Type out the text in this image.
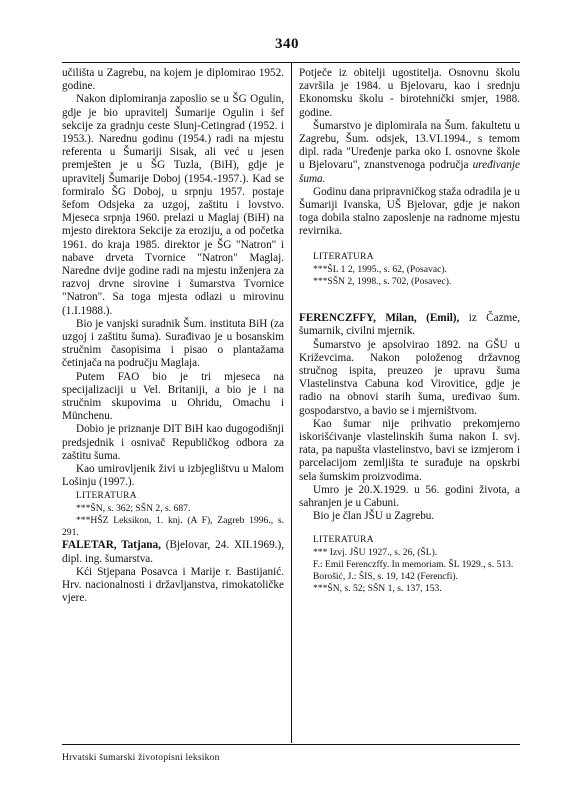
340

učilišta u Zagrebu, na kojem je diplomirao 1952. godine.

Nakon diplomiranja zaposlio se u ŠG Ogulin, gdje je bio upravitelj Šumarije Ogulin i šef sekcije za gradnju ceste Slunj-Cetingrad (1952. i 1953.). Narednu godinu (1954.) radi na mjestu referenta u Šumariji Sisak, ali već u jesen premješten je u ŠG Tuzla, (BiH), gdje je upravitelj Šumarije Doboj (1954.-1957.). Kad se formiralo ŠG Doboj, u srpnju 1957. postaje šefom Odsjeka za uzgoj, zaštitu i lovstvo. Mjeseca srpnja 1960. prelazi u Maglaj (BiH) na mjesto direktora Sekcije za eroziju, a od početka 1961. do kraja 1985. direktor je ŠG "Natron" i nabave drveta Tvornice "Natron" Maglaj. Naredne dvije godine radi na mjestu inženjera za razvoj drvne sirovine i šumarstva Tvornice "Natron". Sa toga mjesta odlazi u mirovinu (1.I.1988.).

Bio je vanjski suradnik Šum. instituta BiH (za uzgoj i zaštitu šuma). Surađivao je u bosanskim stručnim časopisima i pisao o plantažama četinjača na području Maglaja.

Putem FAO bio je tri mjeseca na specijalizaciji u Vel. Britaniji, a bio je i na stručnim skupovima u Ohridu, Omachu i Münchenu.

Dobio je priznanje DIT BiH kao dugogodišnji predsjednik i osnivač Republičkog odbora za zaštitu šuma.

Kao umirovljenik živi u izbjeglištvu u Malom Lošinju (1997.).

LITERATURA

***ŠN, s. 362; SŠN 2, s. 687.

***HŠZ Leksikon, 1. knj. (A F), Zagreb 1996., s. 291.

FALETAR, Tatjana, (Bjelovar, 24. XII.1969.), dipl. ing. šumarstva.

Kći Stjepana Posavca i Marije r. Bastijanić. Hrv. nacionalnosti i državljanstva, rimokatoličke vjere.

Potječe iz obitelji ugostitelja. Osnovnu školu završila je 1984. u Bjelovaru, kao i srednju Ekonomsku školu - birotehnički smjer, 1988. godine.

Šumarstvo je diplomirala na Šum. fakultetu u Zagrebu, Šum. odsjek, 13.VI.1994., s temom dipl. rada "Uređenje parka oko I. osnovne škole u Bjelovaru", znanstvenoga područja uređivanje šuma.

Godinu dana pripravničkog staža odradila je u Šumariji Ivanska, UŠ Bjelovar, gdje je nakon toga dobila stalno zaposlenje na radnome mjestu revirnika.

LITERATURA

***ŠL 1 2, 1995., s. 62, (Posavac).

***SŠN 2, 1998., s. 702, (Posavec).

FERENCZFFY, Milan, (Emil), iz Čazme, šumarnik, civilni mjernik.

Šumarstvo je apsolvirao 1892. na GŠU u Križevcima. Nakon položenog državnog stručnog ispita, preuzeo je upravu šuma Vlastelinstva Cabuna kod Virovitice, gdje je radio na obnovi starih šuma, uređivao šum. gospodarstvo, a bavio se i mjerništvom.

Kao šumar nije prihvatio prekomjerno iskorišćivanje vlastelinskih šuma nakon I. svj. rata, pa napušta vlastelinstvo, bavi se izmjerom i parcelacijom zemljišta te surađuje na opskrbi sela šumskim proizvodima.

Umro je 20.X.1929. u 56. godini života, a sahranjen je u Cabuni.

Bio je član JŠU u Zagrebu.

LITERATURA

*** Izvj. JŠU 1927., s. 26, (ŠL).

F.: Emil Ferenczffy. In memoriam. ŠL 1929., s. 513.

Borošić, J.: ŠIS, s. 19, 142 (Ferencfi).

***ŠN, s. 52; SŠN 1, s. 137, 153.

Hrvatski šumarski životopisni leksikon
